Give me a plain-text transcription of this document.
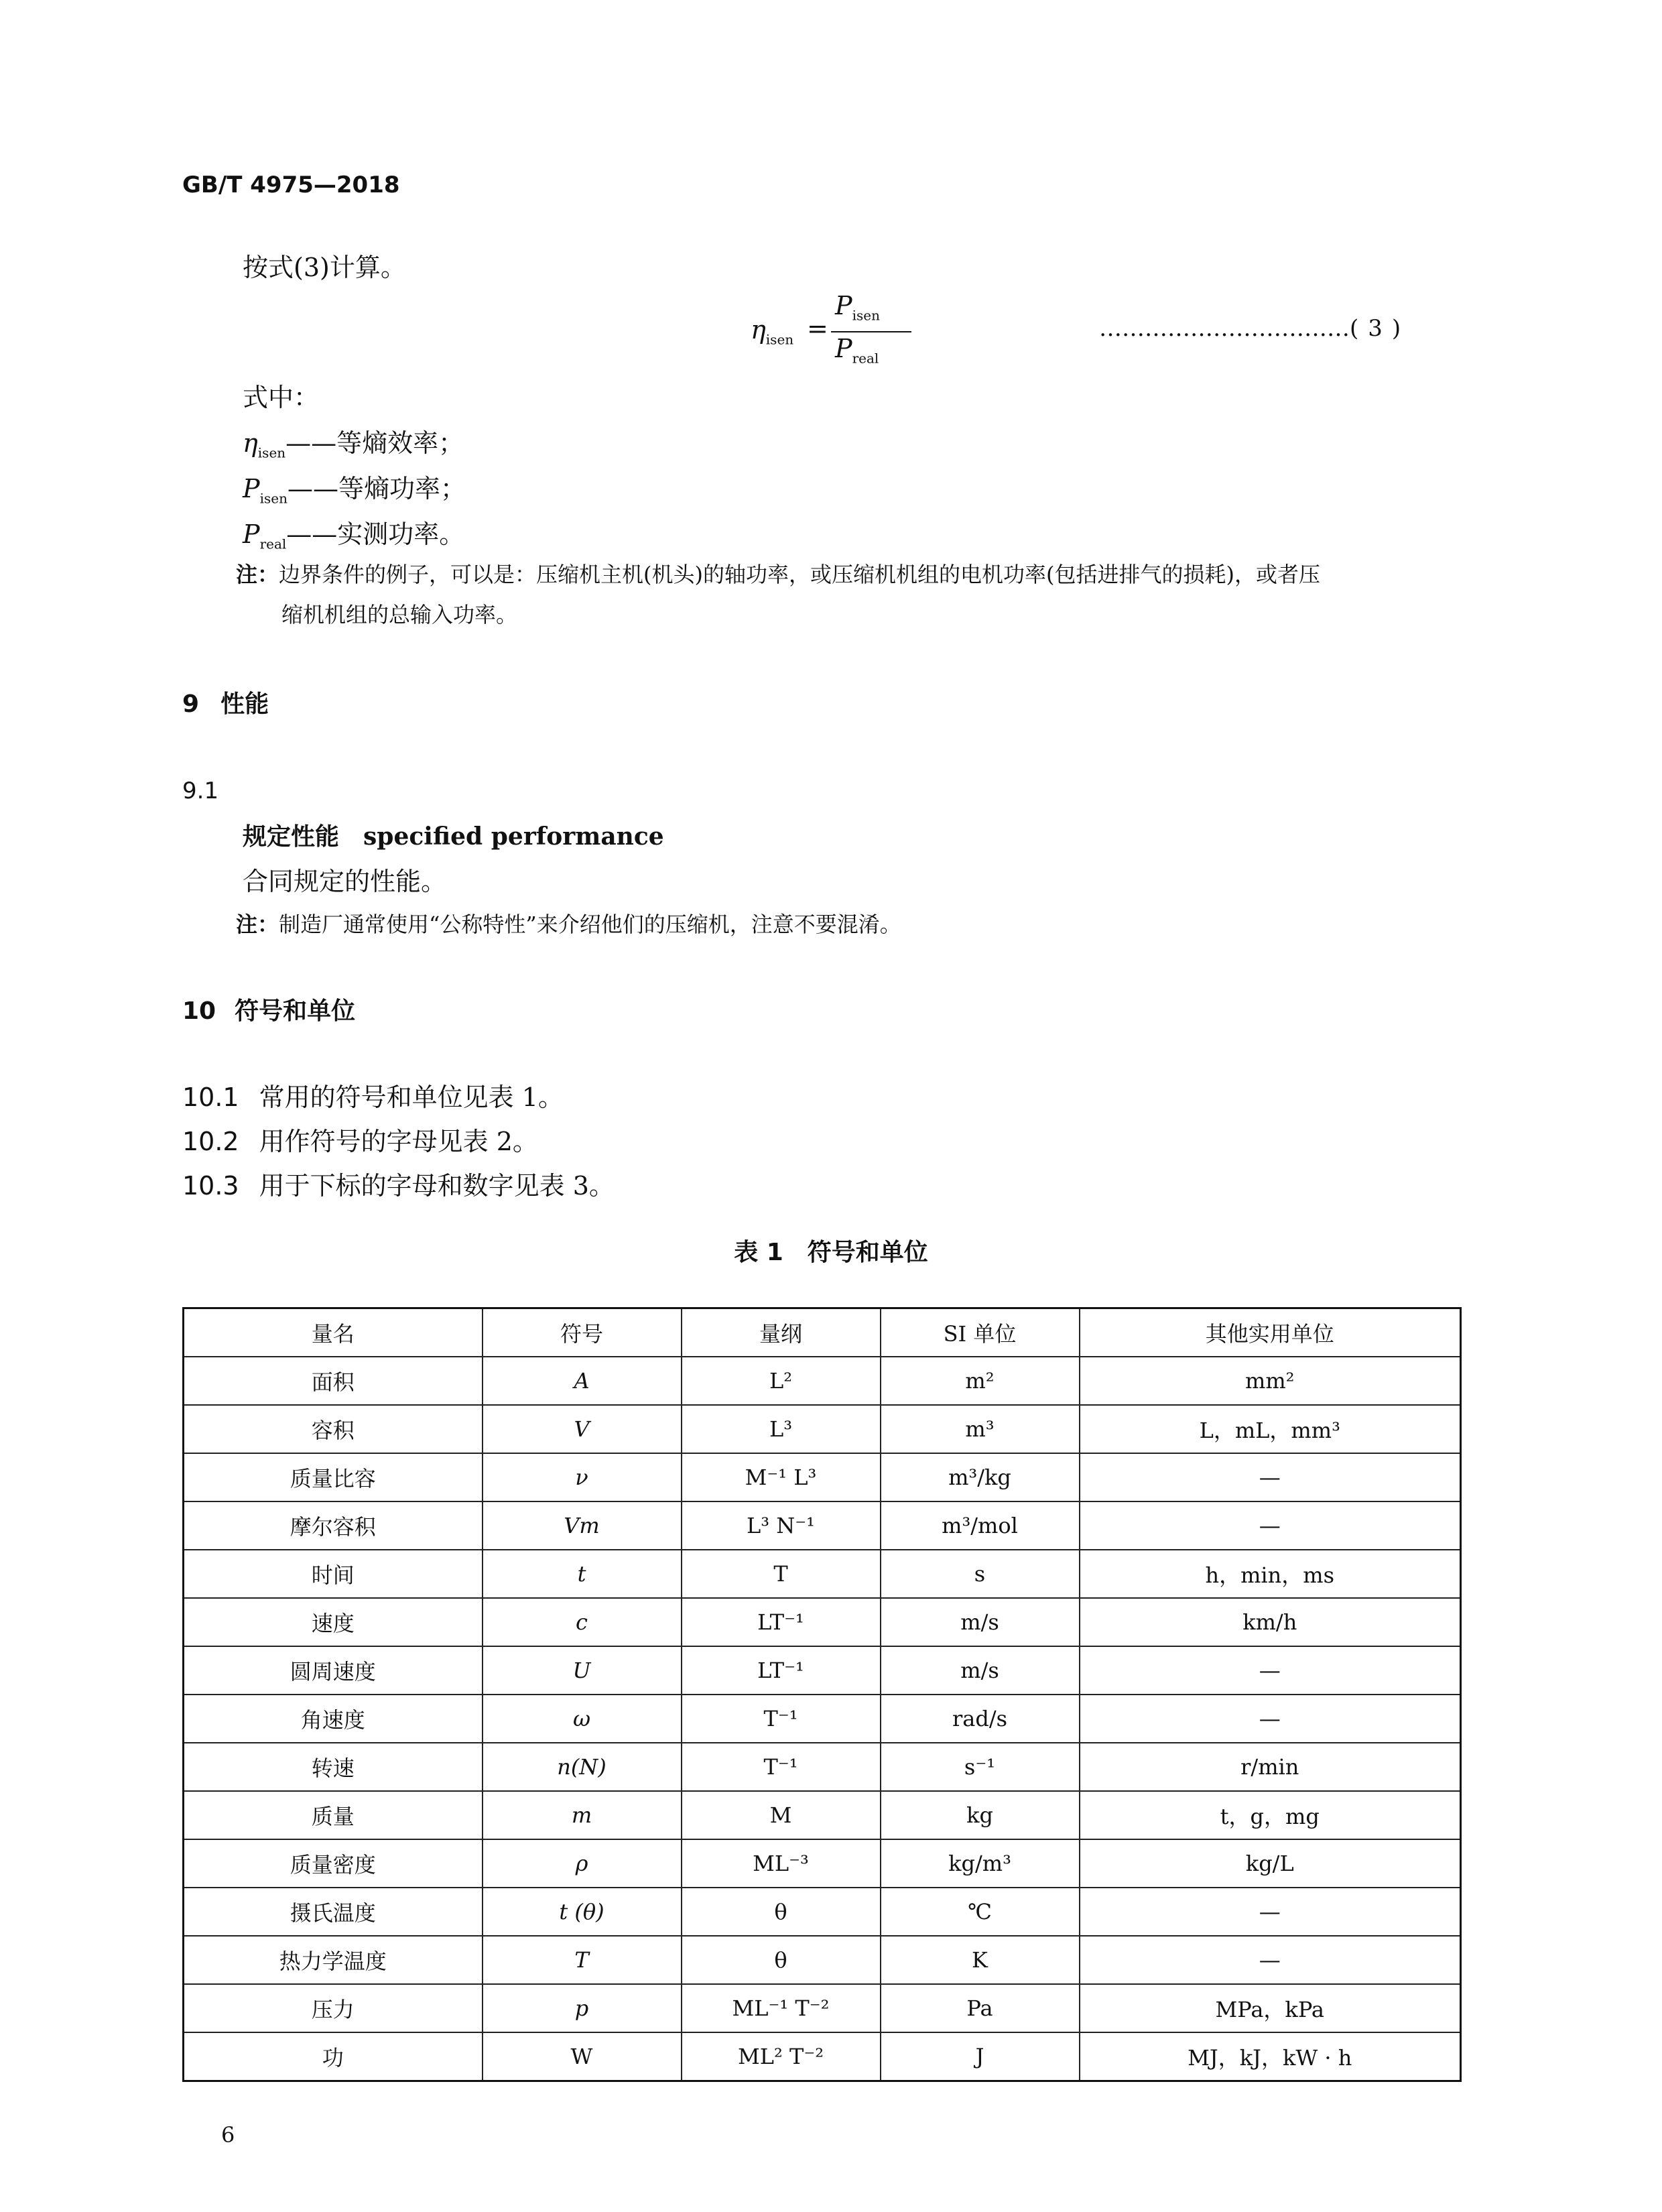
GB/T 4975—2018
按式(3)计算。
$\eta_{isen}$ =
$P_{isen}$
$P_{real}$
……………………………( 3 )
式中：
$\eta_{isen}——$等熵效率；
$P_{isen}——$等熵功率；
$P_{real}——$实测功率。
注：边界条件的例子，可以是：压缩机主机(机头)的轴功率，或压缩机机组的电机功率(包括进排气的损耗)，或者压
缩机机组的总输入功率。
9 性能
9.1
规定性能 specified performance
合同规定的性能。
注：制造厂通常使用“公称特性”来介绍他们的压缩机，注意不要混淆。
10 符号和单位
10.1 常用的符号和单位见表 1。
10.2 用作符号的字母见表 2。
10.3 用于下标的字母和数字见表 3。
表 1　符号和单位
量名	符号	量纲	SI 单位	其他实用单位
面积	A	L²	m²	mm²
容积	V	L³	m³	L，mL，mm³
质量比容	ν	M⁻¹ L³	m³/kg	—
摩尔容积	Vm	L³ N⁻¹	m³/mol	—
时间	t	T	s	h，min，ms
速度	c	LT⁻¹	m/s	km/h
圆周速度	U	LT⁻¹	m/s	—
角速度	ω	T⁻¹	rad/s	—
转速	n(N)	T⁻¹	s⁻¹	r/min
质量	m	M	kg	t，g，mg
质量密度	ρ	ML⁻³	kg/m³	kg/L
摄氏温度	t (θ)	θ	℃	—
热力学温度	T	θ	K	—
压力	p	ML⁻¹ T⁻²	Pa	MPa，kPa
功	W	ML² T⁻²	J	MJ，kJ，kW · h
6
